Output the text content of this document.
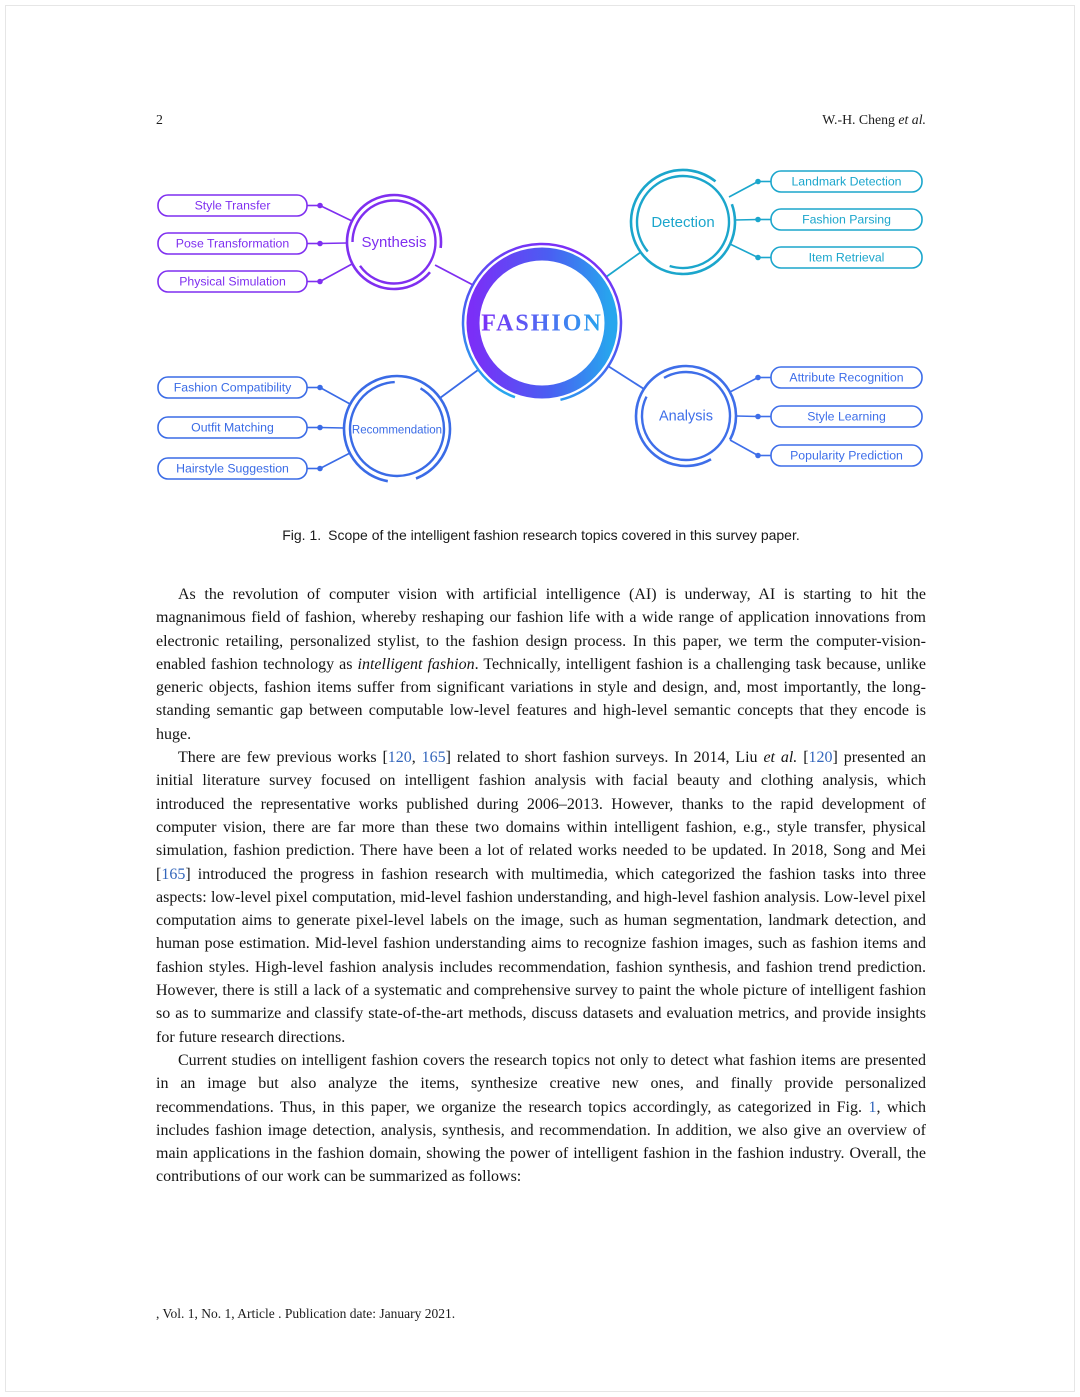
2	W.-H. Cheng et al.
Style Transfer
Pose Transformation
Physical Simulation
Synthesis
Landmark Detection
Fashion Parsing
Item Retrieval
Detection
Fashion Compatibility
Outfit Matching
Hairstyle Suggestion
Recommendation
Attribute Recognition
Style Learning
Popularity Prediction
Analysis
FASHION
Fig. 1. Scope of the intelligent fashion research topics covered in this survey paper.

As the revolution of computer vision with artificial intelligence (AI) is underway, AI is starting to hit the magnanimous field of fashion, whereby reshaping our fashion life with a wide range of application innovations from electronic retailing, personalized stylist, to the fashion design process. In this paper, we term the computer-vision-enabled fashion technology as intelligent fashion. Technically, intelligent fashion is a challenging task because, unlike generic objects, fashion items suffer from significant variations in style and design, and, most importantly, the long-standing semantic gap between computable low-level features and high-level semantic concepts that they encode is huge.

There are few previous works [120, 165] related to short fashion surveys. In 2014, Liu et al. [120] presented an initial literature survey focused on intelligent fashion analysis with facial beauty and clothing analysis, which introduced the representative works published during 2006–2013. However, thanks to the rapid development of computer vision, there are far more than these two domains within intelligent fashion, e.g., style transfer, physical simulation, fashion prediction. There have been a lot of related works needed to be updated. In 2018, Song and Mei [165] introduced the progress in fashion research with multimedia, which categorized the fashion tasks into three aspects: low-level pixel computation, mid-level fashion understanding, and high-level fashion analysis. Low-level pixel computation aims to generate pixel-level labels on the image, such as human segmentation, landmark detection, and human pose estimation. Mid-level fashion understanding aims to recognize fashion images, such as fashion items and fashion styles. High-level fashion analysis includes recommendation, fashion synthesis, and fashion trend prediction. However, there is still a lack of a systematic and comprehensive survey to paint the whole picture of intelligent fashion so as to summarize and classify state-of-the-art methods, discuss datasets and evaluation metrics, and provide insights for future research directions.

Current studies on intelligent fashion covers the research topics not only to detect what fashion items are presented in an image but also analyze the items, synthesize creative new ones, and finally provide personalized recommendations. Thus, in this paper, we organize the research topics accordingly, as categorized in Fig. 1, which includes fashion image detection, analysis, synthesis, and recommendation. In addition, we also give an overview of main applications in the fashion domain, showing the power of intelligent fashion in the fashion industry. Overall, the contributions of our work can be summarized as follows:

, Vol. 1, No. 1, Article . Publication date: January 2021.
